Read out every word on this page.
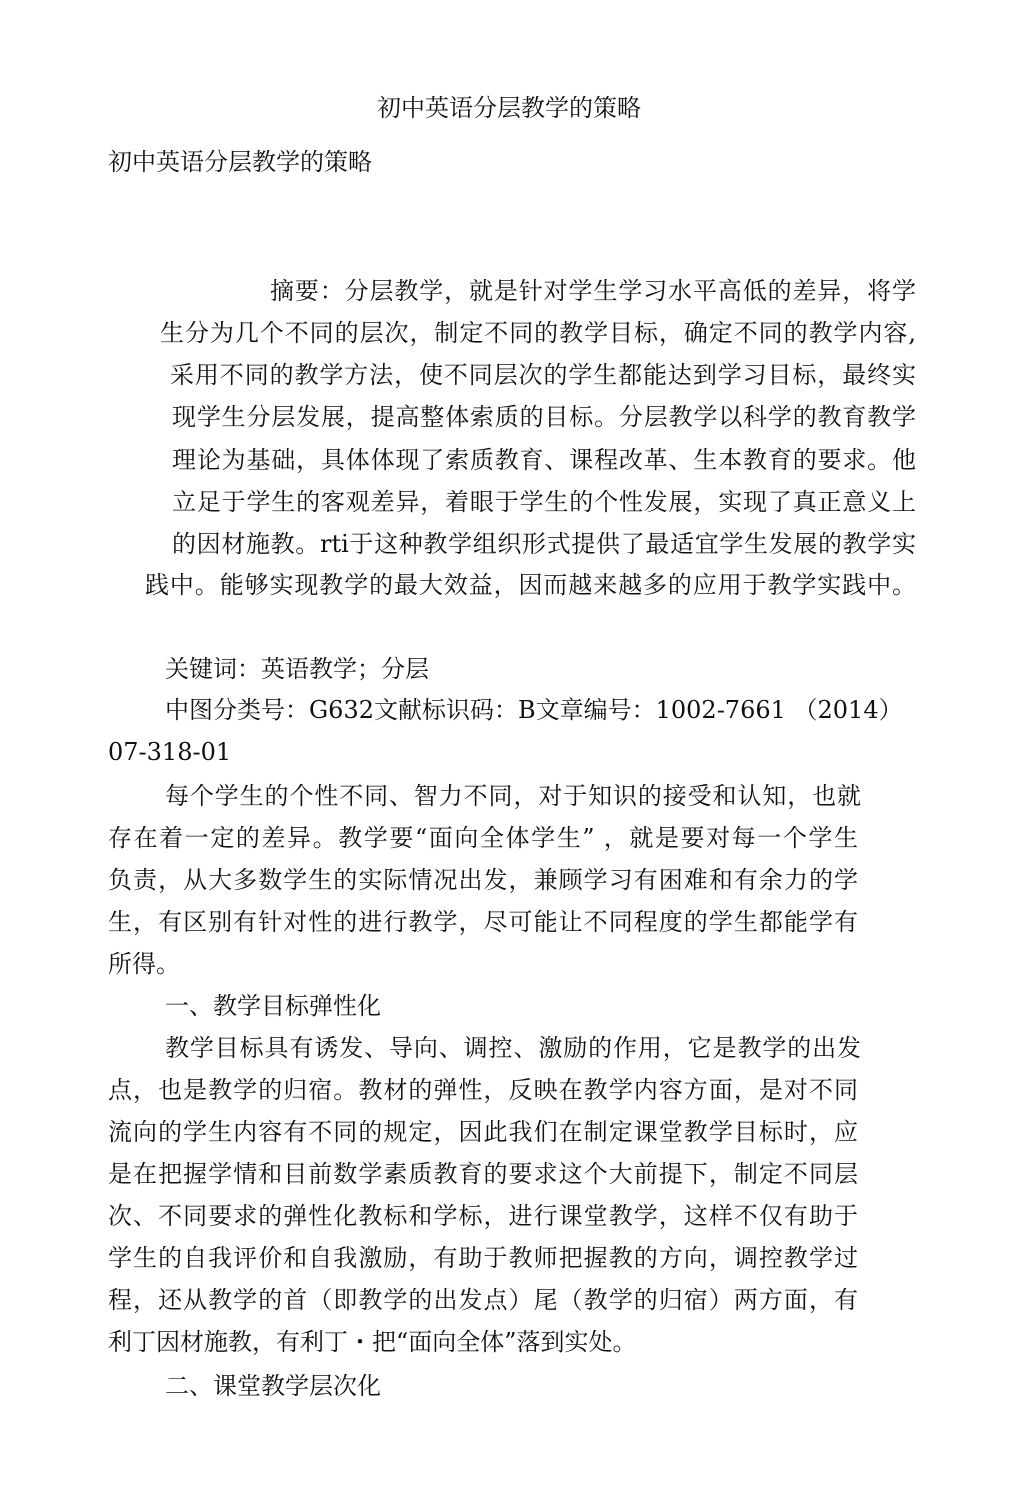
初中英语分层教学的策略
初中英语分层教学的策略
摘要：分层教学，就是针对学生学习水平高低的差异，将学
生分为几个不同的层次，制定不同的教学目标，确定不同的教学内容,
采用不同的教学方法，使不同层次的学生都能达到学习目标，最终实
现学生分层发展，提高整体索质的目标。分层教学以科学的教育教学
理论为基础，具体体现了索质教育、课程改革、生本教育的要求。他
立足于学生的客观差异，着眼于学生的个性发展，实现了真正意义上
的因材施教。rti于这种教学组织形式提供了最适宜学生发展的教学实
践中。能够实现教学的最大效益，因而越来越多的应用于教学实践中。
关键词：英语教学；分层
中图分类号：G632文献标识码：B文章编号：1002-7661 （2014）
07-318-01
每个学生的个性不同、智力不同，对于知识的接受和认知，也就
存在着一定的差异。教学要“面向全体学生” ，就是要对每一个学生
负责，从大多数学生的实际情况出发，兼顾学习有困难和有余力的学
生，有区别有针对性的进行教学，尽可能让不同程度的学生都能学有
所得。
一、教学目标弹性化
教学目标具有诱发、导向、调控、激励的作用，它是教学的出发
点，也是教学的归宿。教材的弹性，反映在教学内容方面，是对不同
流向的学生内容有不同的规定，因此我们在制定课堂教学目标时，应
是在把握学情和目前数学素质教育的要求这个大前提下，制定不同层
次、不同要求的弹性化教标和学标，进行课堂教学，这样不仅有助于
学生的自我评价和自我激励，有助于教师把握教的方向，调控教学过
程，还从教学的首（即教学的出发点）尾（教学的归宿）两方面，有
利丁因材施教，有利丁・把“面向全体”落到实处。
二、课堂教学层次化
